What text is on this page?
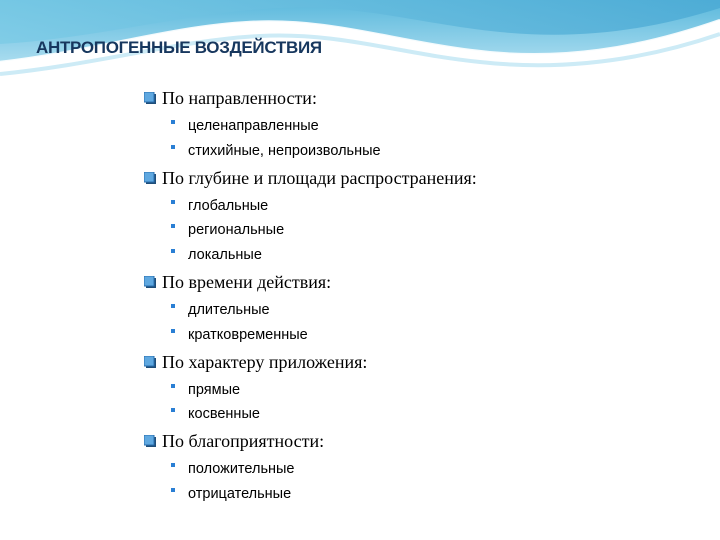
АНТРОПОГЕННЫЕ ВОЗДЕЙСТВИЯ
По направленности:
целенаправленные
стихийные, непроизвольные
По глубине и площади распространения:
глобальные
региональные
локальные
По времени действия:
длительные
кратковременные
По характеру приложения:
прямые
косвенные
По благоприятности:
положительные
отрицательные
